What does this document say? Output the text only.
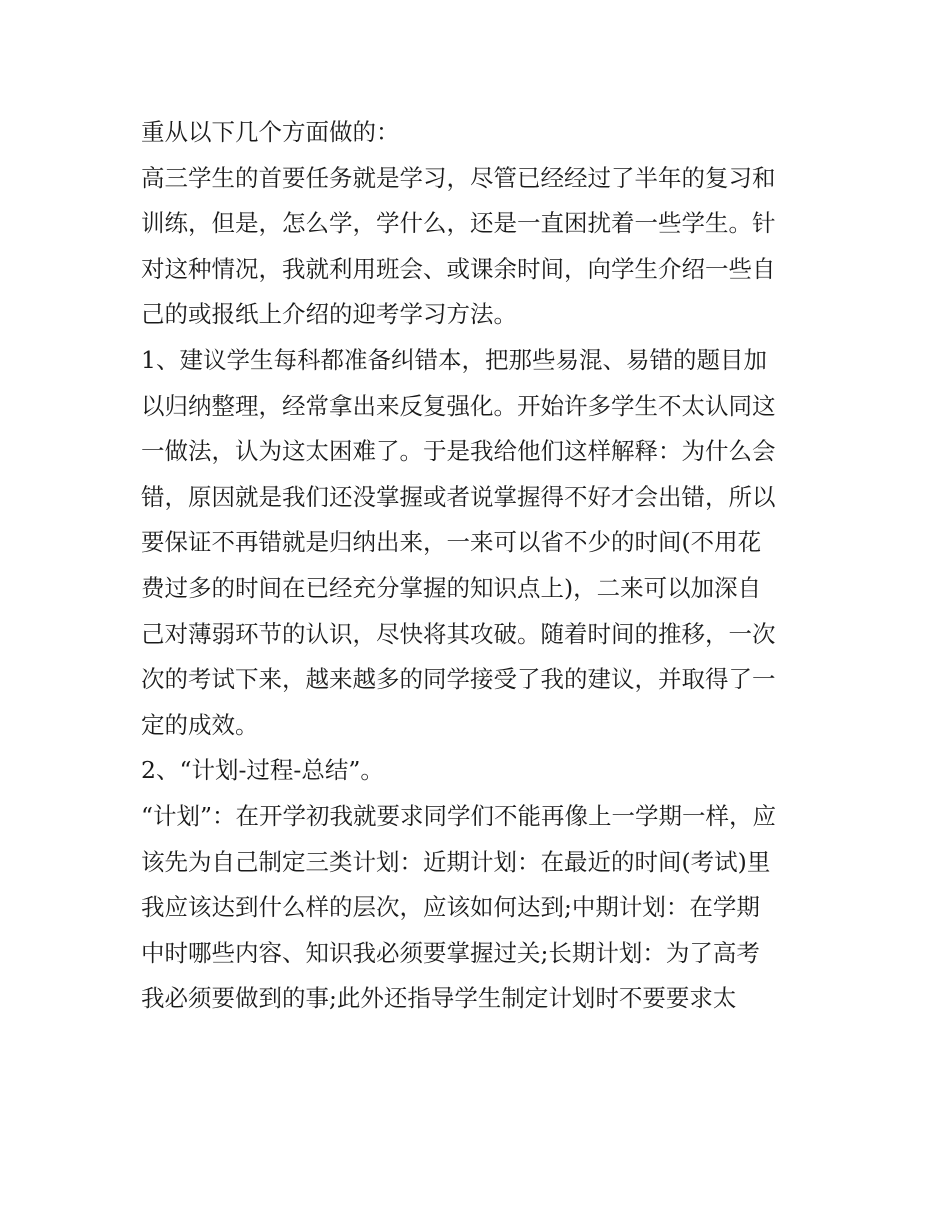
重从以下几个方面做的：

高三学生的首要任务就是学习，尽管已经经过了半年的复习和

训练，但是，怎么学，学什么，还是一直困扰着一些学生。针

对这种情况，我就利用班会、或课余时间，向学生介绍一些自

己的或报纸上介绍的迎考学习方法。

1、建议学生每科都准备纠错本，把那些易混、易错的题目加

以归纳整理，经常拿出来反复强化。开始许多学生不太认同这

一做法，认为这太困难了。于是我给他们这样解释：为什么会

错，原因就是我们还没掌握或者说掌握得不好才会出错，所以

要保证不再错就是归纳出来，一来可以省不少的时间(不用花

费过多的时间在已经充分掌握的知识点上)，二来可以加深自

己对薄弱环节的认识，尽快将其攻破。随着时间的推移，一次

次的考试下来，越来越多的同学接受了我的建议，并取得了一

定的成效。

2、“计划-过程-总结”。

“计划”：在开学初我就要求同学们不能再像上一学期一样，应

该先为自己制定三类计划：近期计划：在最近的时间(考试)里

我应该达到什么样的层次，应该如何达到;中期计划：在学期

中时哪些内容、知识我必须要掌握过关;长期计划：为了高考

我必须要做到的事;此外还指导学生制定计划时不要要求太
